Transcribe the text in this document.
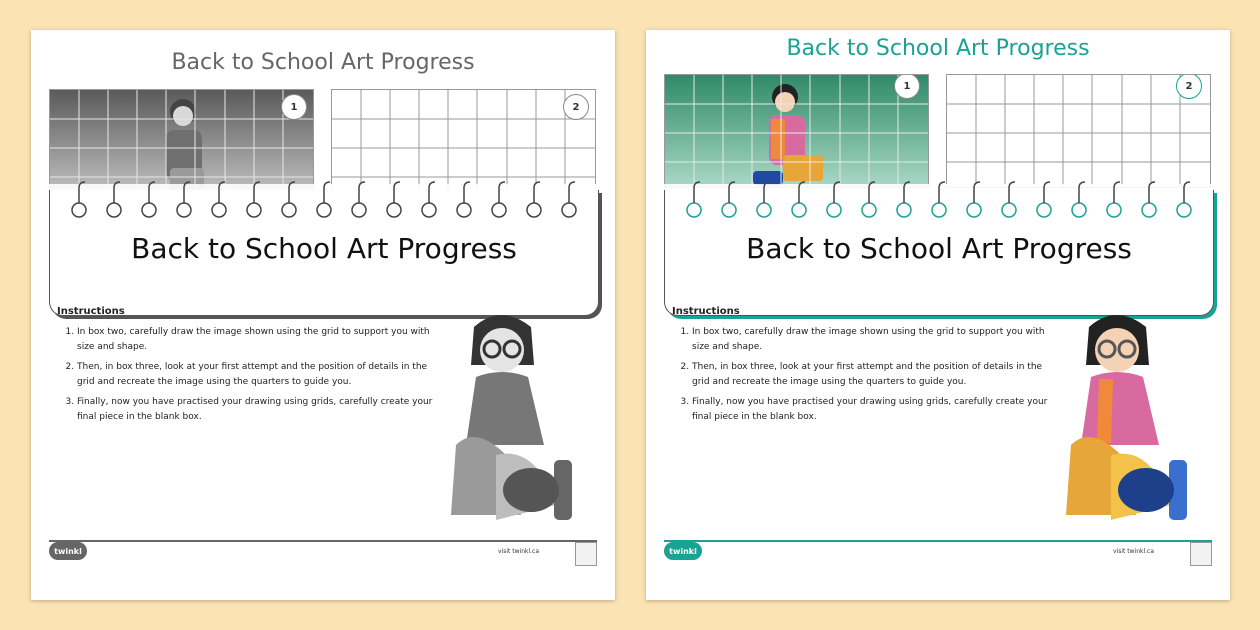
Back to School Art Progress
1	2
Back to School Art Progress
Instructions
1. In box two, carefully draw the image shown using the grid to support you with size and shape.
2. Then, in box three, look at your first attempt and the position of details in the grid and recreate the image using the quarters to guide you.
3. Finally, now you have practised your drawing using grids, carefully create your final piece in the blank box.
twinkl	visit twinkl.ca
Back to School Art Progress
1	2
Back to School Art Progress
Instructions
1. In box two, carefully draw the image shown using the grid to support you with size and shape.
2. Then, in box three, look at your first attempt and the position of details in the grid and recreate the image using the quarters to guide you.
3. Finally, now you have practised your drawing using grids, carefully create your final piece in the blank box.
twinkl	visit twinkl.ca
